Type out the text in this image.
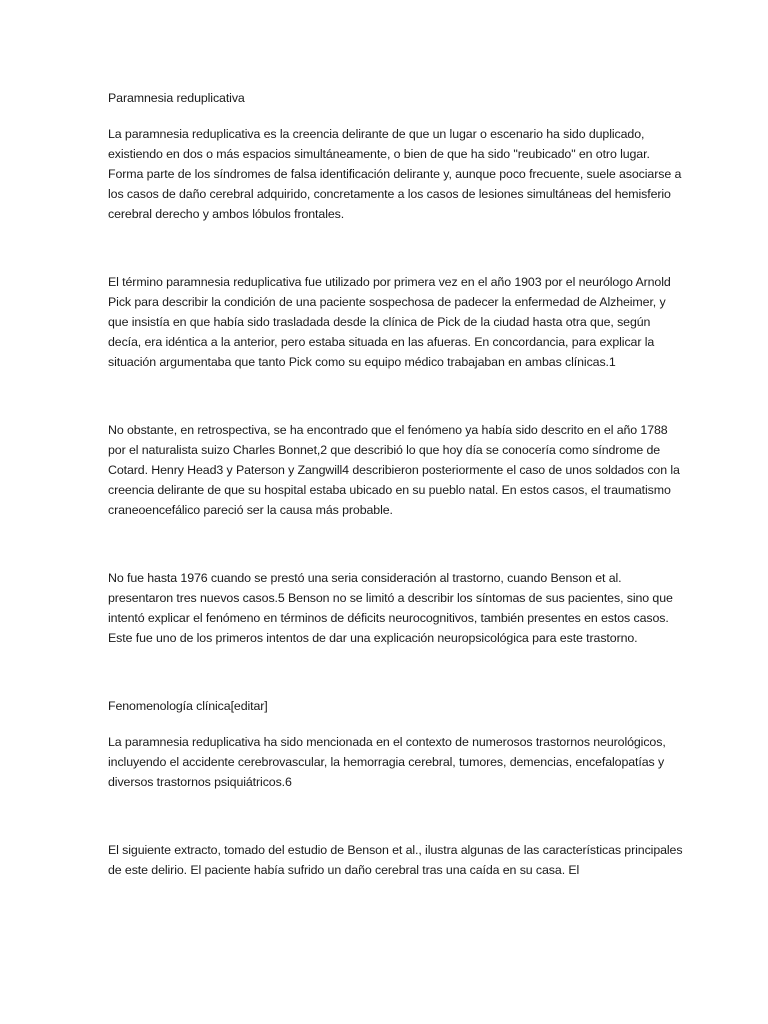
Paramnesia reduplicativa

La paramnesia reduplicativa es la creencia delirante de que un lugar o escenario ha sido duplicado, existiendo en dos o más espacios simultáneamente, o bien de que ha sido "reubicado" en otro lugar. Forma parte de los síndromes de falsa identificación delirante y, aunque poco frecuente, suele asociarse a los casos de daño cerebral adquirido, concretamente a los casos de lesiones simultáneas del hemisferio cerebral derecho y ambos lóbulos frontales.

El término paramnesia reduplicativa fue utilizado por primera vez en el año 1903 por el neurólogo Arnold Pick para describir la condición de una paciente sospechosa de padecer la enfermedad de Alzheimer, y que insistía en que había sido trasladada desde la clínica de Pick de la ciudad hasta otra que, según decía, era idéntica a la anterior, pero estaba situada en las afueras. En concordancia, para explicar la situación argumentaba que tanto Pick como su equipo médico trabajaban en ambas clínicas.1

No obstante, en retrospectiva, se ha encontrado que el fenómeno ya había sido descrito en el año 1788 por el naturalista suizo Charles Bonnet,2 que describió lo que hoy día se conocería como síndrome de Cotard. Henry Head3 y Paterson y Zangwill4 describieron posteriormente el caso de unos soldados con la creencia delirante de que su hospital estaba ubicado en su pueblo natal. En estos casos, el traumatismo craneoencefálico pareció ser la causa más probable.

No fue hasta 1976 cuando se prestó una seria consideración al trastorno, cuando Benson et al. presentaron tres nuevos casos.5 Benson no se limitó a describir los síntomas de sus pacientes, sino que intentó explicar el fenómeno en términos de déficits neurocognitivos, también presentes en estos casos. Este fue uno de los primeros intentos de dar una explicación neuropsicológica para este trastorno.

Fenomenología clínica[editar]

La paramnesia reduplicativa ha sido mencionada en el contexto de numerosos trastornos neurológicos, incluyendo el accidente cerebrovascular, la hemorragia cerebral, tumores, demencias, encefalopatías y diversos trastornos psiquiátricos.6

El siguiente extracto, tomado del estudio de Benson et al., ilustra algunas de las características principales de este delirio. El paciente había sufrido un daño cerebral tras una caída en su casa. El
